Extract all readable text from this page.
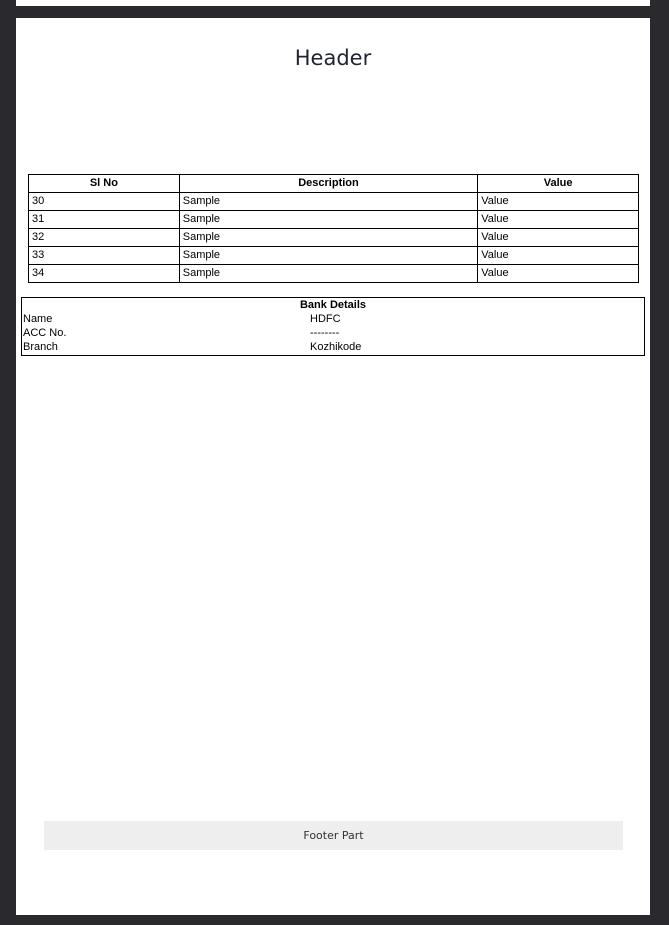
Header
Sl No	Description	Value
30	Sample	Value
31	Sample	Value
32	Sample	Value
33	Sample	Value
34	Sample	Value
Bank Details
Name	HDFC
ACC No.	--------
Branch	Kozhikode
Footer Part
